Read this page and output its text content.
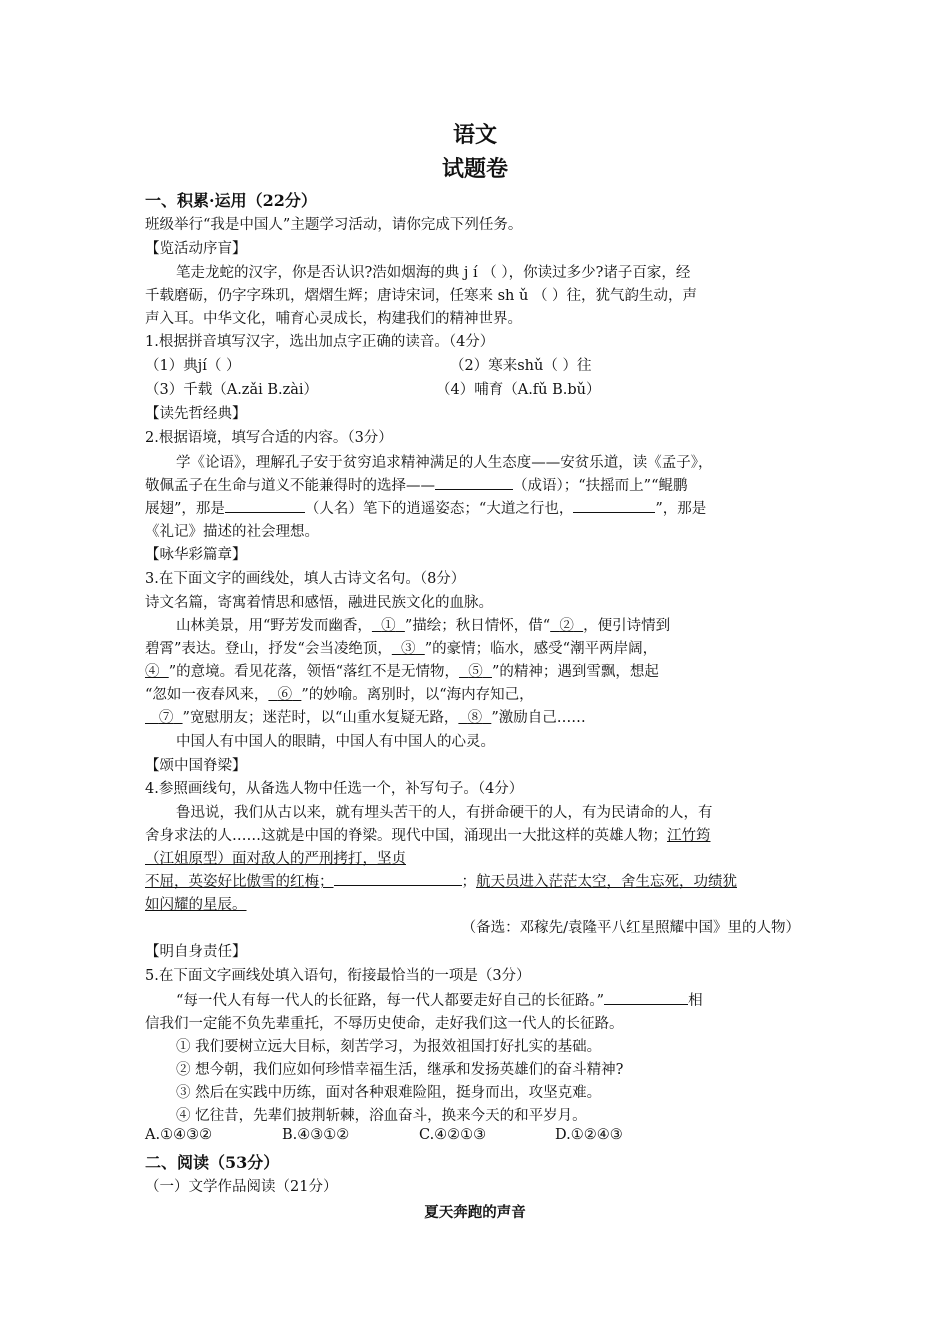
语文
试题卷
一、积累·运用（22分）
班级举行“我是中国人”主题学习活动，请你完成下列任务。
【览活动序盲】
笔走龙蛇的汉字，你是否认识?浩如烟海的典 j í （ ），你读过多少?诸子百家，经
千载磨砺，仍字字珠玑，熠熠生辉；唐诗宋词，任寒来 sh ǔ （ ）往，犹气韵生动，声
声入耳。中华文化，哺育心灵成长，构建我们的精神世界。
1.根据拼音填写汉字，选出加点字正确的读音。（4分）
（1）典jí（ ）	（2）寒来shǔ（ ）往
（3）千载（A.zǎi B.zài）	（4）哺育（A.fǔ B.bǔ）
【读先哲经典】
2.根据语境，填写合适的内容。（3分）
学《论语》，理解孔子安于贫穷追求精神满足的人生态度——安贫乐道，读《孟子》，
敬佩孟子在生命与道义不能兼得时的选择——	（成语）；“扶摇而上”“鲲鹏
展翅”，那是	（人名）笔下的逍遥姿态；“大道之行也，	”，那是
《礼记》描述的社会理想。
【咏华彩篇章】
3.在下面文字的画线处，填人古诗文名句。（8分）
诗文名篇，寄寓着情思和感悟，融进民族文化的血脉。
山林美景，用“野芳发而幽香， ① ”描绘；秋日情怀，借“ ② ，便引诗情到
碧霄”表达。登山，抒发“会当凌绝顶， ③ ”的豪情；临水，感受“潮平两岸阔，
④ ”的意境。看见花落，领悟“落红不是无情物， ⑤ ”的精神；遇到雪飘，想起
“忽如一夜春风来， ⑥ ”的妙喻。离别时，以“海内存知己，
⑦ ”宽慰朋友；迷茫时，以“山重水复疑无路， ⑧ ”激励自己……
中国人有中国人的眼睛，中国人有中国人的心灵。
【颂中国脊梁】
4.参照画线句，从备选人物中任选一个，补写句子。（4分）
鲁迅说，我们从古以来，就有埋头苦干的人，有拼命硬干的人，有为民请命的人，有
舍身求法的人……这就是中国的脊梁。现代中国，涌现出一大批这样的英雄人物；江竹筠
（江姐原型）面对敌人的严刑拷打，坚贞
不屈，英姿好比傲雪的红梅；	；航天员进入茫茫太空，舍生忘死，功绩犹
如闪耀的星辰。
（备选：邓稼先/袁隆平八红星照耀中国》里的人物）
【明自身责任】
5.在下面文字画线处填入语句，衔接最恰当的一项是（3分）
“每一代人有每一代人的长征路，每一代人都要走好自己的长征路。”	相
信我们一定能不负先辈重托，不辱历史使命，走好我们这一代人的长征路。
① 我们要树立远大目标，刻苦学习，为报效祖国打好扎实的基础。
② 想今朝，我们应如何珍惜幸福生活，继承和发扬英雄们的奋斗精神?
③ 然后在实践中历练，面对各种艰难险阻，挺身而出，攻坚克难。
④ 忆往昔，先辈们披荆斩棘，浴血奋斗，换来今天的和平岁月。
A.①④③②	B.④③①②	C.④②①③	D.①②④③
二、阅读（53分）
（一）文学作品阅读（21分）
夏天奔跑的声音
